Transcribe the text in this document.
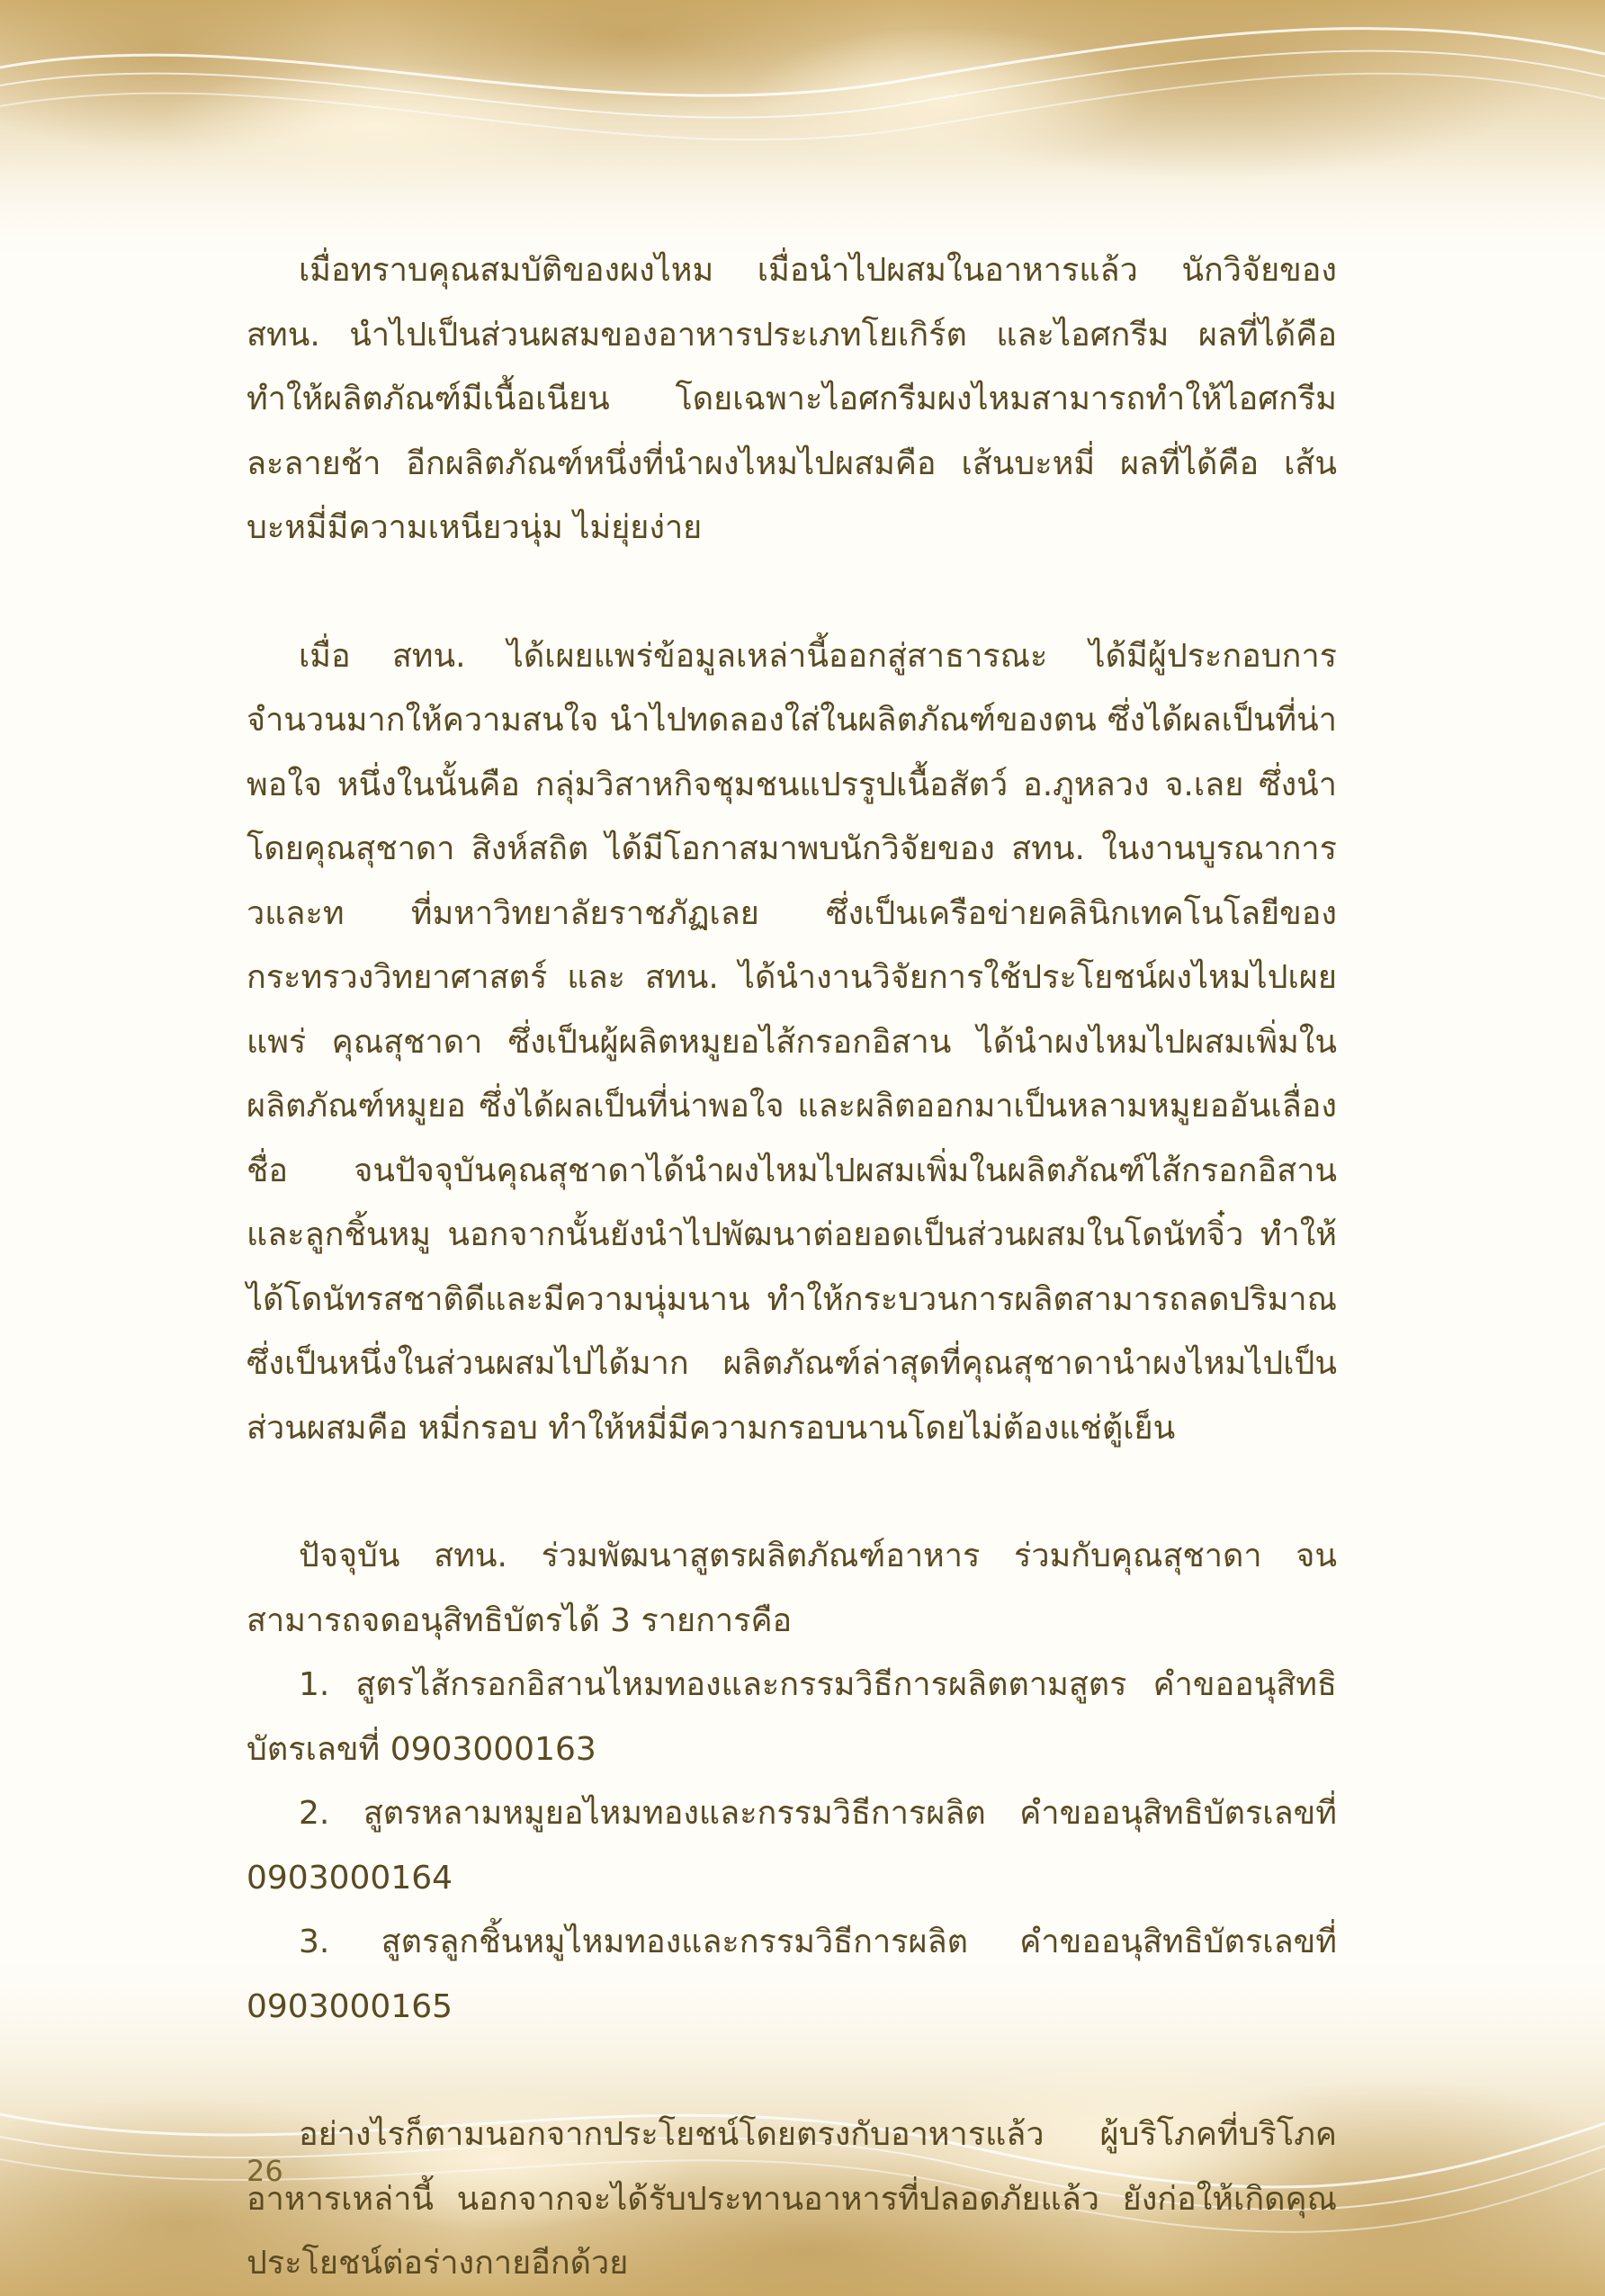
เมื่อทราบคุณสมบัติของผงไหม เมื่อนำไปผสมในอาหารแล้ว นักวิจัยของ สทน. นำไปเป็นส่วนผสมของอาหารประเภทโยเกิร์ต และไอศกรีม ผลที่ได้คือ ทำให้ผลิตภัณฑ์มีเนื้อเนียน โดยเฉพาะไอศกรีมผงไหมสามารถทำให้ไอศกรีมละลายช้า อีกผลิตภัณฑ์หนึ่งที่นำผงไหมไปผสมคือ เส้นบะหมี่ ผลที่ได้คือ เส้นบะหมี่มีความเหนียวนุ่ม ไม่ยุ่ยง่าย

เมื่อ สทน. ได้เผยแพร่ข้อมูลเหล่านี้ออกสู่สาธารณะ ได้มีผู้ประกอบการจำนวนมากให้ความสนใจ นำไปทดลองใส่ในผลิตภัณฑ์ของตน ซึ่งได้ผลเป็นที่น่าพอใจ หนึ่งในนั้นคือ กลุ่มวิสาหกิจชุมชนแปรรูปเนื้อสัตว์ อ.ภูหลวง จ.เลย ซึ่งนำโดยคุณสุชาดา สิงห์สถิต ได้มีโอกาสมาพบนักวิจัยของ สทน. ในงานบูรณาการ วและท ที่มหาวิทยาลัยราชภัฏเลย ซึ่งเป็นเครือข่ายคลินิกเทคโนโลยีของกระทรวงวิทยาศาสตร์ และ สทน. ได้นำงานวิจัยการใช้ประโยชน์ผงไหมไปเผยแพร่ คุณสุชาดา ซึ่งเป็นผู้ผลิตหมูยอไส้กรอกอิสาน ได้นำผงไหมไปผสมเพิ่มในผลิตภัณฑ์หมูยอ ซึ่งได้ผลเป็นที่น่าพอใจ และผลิตออกมาเป็นหลามหมูยออันเลื่องชื่อ จนปัจจุบันคุณสุชาดาได้นำผงไหมไปผสมเพิ่มในผลิตภัณฑ์ไส้กรอกอิสาน และลูกชิ้นหมู นอกจากนั้นยังนำไปพัฒนาต่อยอดเป็นส่วนผสมในโดนัทจิ๋ว ทำให้ได้โดนัทรสชาติดีและมีความนุ่มนาน ทำให้กระบวนการผลิตสามารถลดปริมาณซึ่งเป็นหนึ่งในส่วนผสมไปได้มาก ผลิตภัณฑ์ล่าสุดที่คุณสุชาดานำผงไหมไปเป็นส่วนผสมคือ หมี่กรอบ ทำให้หมี่มีความกรอบนานโดยไม่ต้องแช่ตู้เย็น

ปัจจุบัน สทน. ร่วมพัฒนาสูตรผลิตภัณฑ์อาหาร ร่วมกับคุณสุชาดา จนสามารถจดอนุสิทธิบัตรได้ 3 รายการคือ

1. สูตรไส้กรอกอิสานไหมทองและกรรมวิธีการผลิตตามสูตร คำขออนุสิทธิบัตรเลขที่ 0903000163

2. สูตรหลามหมูยอไหมทองและกรรมวิธีการผลิต คำขออนุสิทธิบัตรเลขที่ 0903000164

3. สูตรลูกชิ้นหมูไหมทองและกรรมวิธีการผลิต คำขออนุสิทธิบัตรเลขที่ 0903000165

อย่างไรก็ตามนอกจากประโยชน์โดยตรงกับอาหารแล้ว ผู้บริโภคที่บริโภคอาหารเหล่านี้ นอกจากจะได้รับประทานอาหารที่ปลอดภัยแล้ว ยังก่อให้เกิดคุณประโยชน์ต่อร่างกายอีกด้วย

26
